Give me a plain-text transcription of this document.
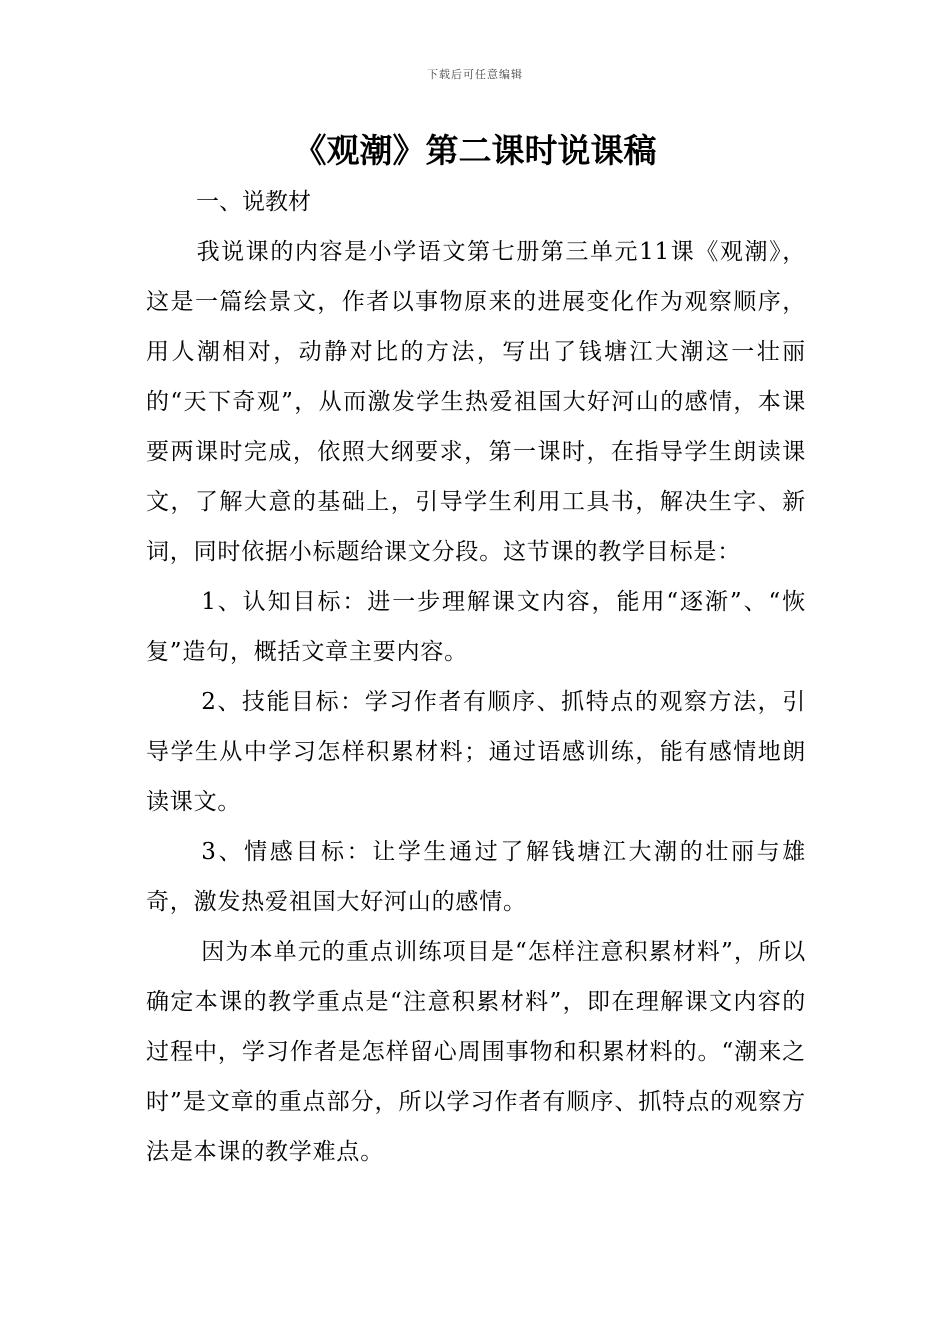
下载后可任意编辑
《观潮》第二课时说课稿

一、说教材

我说课的内容是小学语文第七册第三单元11课《观潮》，这是一篇绘景文，作者以事物原来的进展变化作为观察顺序，用人潮相对，动静对比的方法，写出了钱塘江大潮这一壮丽的“天下奇观”，从而激发学生热爱祖国大好河山的感情，本课要两课时完成，依照大纲要求，第一课时，在指导学生朗读课文，了解大意的基础上，引导学生利用工具书，解决生字、新词，同时依据小标题给课文分段。这节课的教学目标是：

1、认知目标：进一步理解课文内容，能用“逐渐”、“恢复”造句，概括文章主要内容。

2、技能目标：学习作者有顺序、抓特点的观察方法，引导学生从中学习怎样积累材料；通过语感训练，能有感情地朗读课文。

3、情感目标：让学生通过了解钱塘江大潮的壮丽与雄奇，激发热爱祖国大好河山的感情。

因为本单元的重点训练项目是“怎样注意积累材料”，所以确定本课的教学重点是“注意积累材料”，即在理解课文内容的过程中，学习作者是怎样留心周围事物和积累材料的。“潮来之时”是文章的重点部分，所以学习作者有顺序、抓特点的观察方法是本课的教学难点。
